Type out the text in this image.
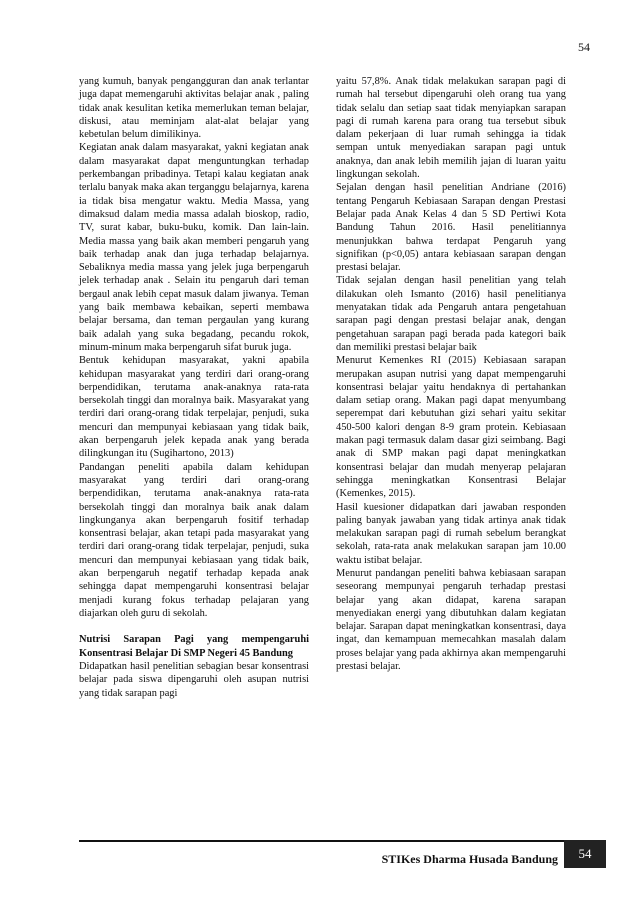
54

yang kumuh, banyak pengangguran dan anak terlantar juga dapat memengaruhi aktivitas belajar anak , paling tidak anak kesulitan ketika memerlukan teman belajar, diskusi, atau meminjam alat-alat belajar yang kebetulan belum dimilikinya.

Kegiatan anak dalam masyarakat, yakni kegiatan anak dalam masyarakat dapat menguntungkan terhadap perkembangan pribadinya. Tetapi kalau kegiatan anak terlalu banyak maka akan terganggu belajarnya, karena ia tidak bisa mengatur waktu. Media Massa, yang dimaksud dalam media massa adalah bioskop, radio, TV, surat kabar, buku-buku, komik. Dan lain-lain. Media massa yang baik akan memberi pengaruh yang baik terhadap anak dan juga terhadap belajarnya. Sebaliknya media massa yang jelek juga berpengaruh jelek terhadap anak . Selain itu pengaruh dari teman bergaul anak lebih cepat masuk dalam jiwanya. Teman yang baik membawa kebaikan, seperti membawa belajar bersama, dan teman pergaulan yang kurang baik adalah yang suka begadang, pecandu rokok, minum-minum maka berpengaruh sifat buruk juga.

Bentuk kehidupan masyarakat, yakni apabila kehidupan masyarakat yang terdiri dari orang-orang berpendidikan, terutama anak-anaknya rata-rata bersekolah tinggi dan moralnya baik. Masyarakat yang terdiri dari orang-orang tidak terpelajar, penjudi, suka mencuri dan mempunyai kebiasaan yang tidak baik, akan berpengaruh jelek kepada anak yang berada dilingkungan itu (Sugihartono, 2013)

Pandangan peneliti apabila dalam kehidupan masyarakat yang terdiri dari orang-orang berpendidikan, terutama anak-anaknya rata-rata bersekolah tinggi dan moralnya baik anak dalam lingkunganya akan berpengaruh fositif terhadap konsentrasi belajar, akan tetapi pada masyarakat yang terdiri dari orang-orang tidak terpelajar, penjudi, suka mencuri dan mempunyai kebiasaan yang tidak baik, akan berpengaruh negatif terhadap kepada anak sehingga dapat mempengaruhi konsentrasi belajar menjadi kurang fokus terhadap pelajaran yang diajarkan oleh guru di sekolah.

Nutrisi Sarapan Pagi yang mempengaruhi Konsentrasi Belajar Di SMP Negeri 45 Bandung

Didapatkan hasil penelitian sebagian besar konsentrasi belajar pada siswa dipengaruhi oleh asupan nutrisi yang tidak sarapan pagi

yaitu 57,8%. Anak tidak melakukan sarapan pagi di rumah hal tersebut dipengaruhi oleh orang tua yang tidak selalu dan setiap saat tidak menyiapkan sarapan pagi di rumah karena para orang tua tersebut sibuk dalam pekerjaan di luar rumah sehingga ia tidak sempan untuk menyediakan sarapan pagi untuk anaknya, dan anak lebih memilih jajan di luaran yaitu lingkungan sekolah.

Sejalan dengan hasil penelitian Andriane (2016) tentang Pengaruh Kebiasaan Sarapan dengan Prestasi Belajar pada Anak Kelas 4 dan 5 SD Pertiwi Kota Bandung Tahun 2016. Hasil penelitiannya menunjukkan bahwa terdapat Pengaruh yang signifikan (p<0,05) antara kebiasaan sarapan dengan prestasi belajar.

Tidak sejalan dengan hasil penelitian yang telah dilakukan oleh Ismanto (2016) hasil penelitianya menyatakan tidak ada Pengaruh antara pengetahuan sarapan pagi dengan prestasi belajar anak, dengan pengetahuan sarapan pagi berada pada kategori baik dan memiliki prestasi belajar baik

Menurut Kemenkes RI (2015) Kebiasaan sarapan merupakan asupan nutrisi yang dapat mempengaruhi konsentrasi belajar yaitu hendaknya di pertahankan dalam setiap orang. Makan pagi dapat menyumbang seperempat dari kebutuhan gizi sehari yaitu sekitar 450-500 kalori dengan 8-9 gram protein. Kebiasaan makan pagi termasuk dalam dasar gizi seimbang. Bagi anak di SMP makan pagi dapat meningkatkan konsentrasi belajar dan mudah menyerap pelajaran sehingga meningkatkan Konsentrasi Belajar (Kemenkes, 2015).

Hasil kuesioner didapatkan dari jawaban responden paling banyak jawaban yang tidak artinya anak tidak melakukan sarapan pagi di rumah sebelum berangkat sekolah, rata-rata anak melakukan sarapan jam 10.00 waktu istibat belajar.

Menurut pandangan peneliti bahwa kebiasaan sarapan seseorang mempunyai pengaruh terhadap prestasi belajar yang akan didapat, karena sarapan menyediakan energi yang dibutuhkan dalam kegiatan belajar. Sarapan dapat meningkatkan konsentrasi, daya ingat, dan kemampuan memecahkan masalah dalam proses belajar yang pada akhirnya akan mempengaruhi prestasi belajar.

STIKes Dharma Husada Bandung	54
